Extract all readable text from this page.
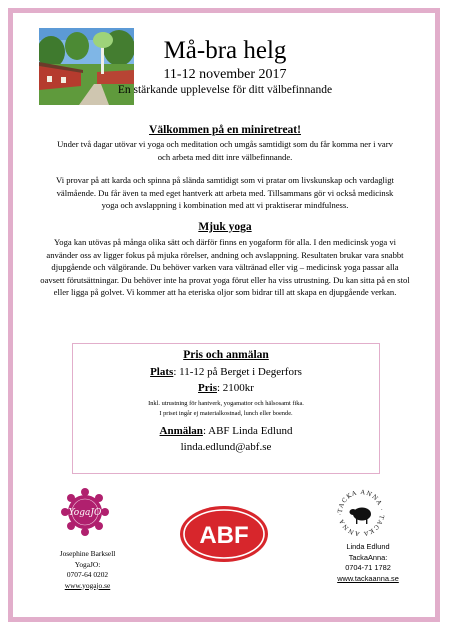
Må-bra helg
11-12 november 2017
En stärkande upplevelse för ditt välbefinnande
Välkommen på en miniretreat!
Under två dagar utövar vi yoga och meditation och umgås samtidigt som du får komma ner i varv och arbeta med ditt inre välbefinnande.
Vi provar på att karda och spinna på slända samtidigt som vi pratar om livskunskap och vardagligt välmående. Du får även ta med eget hantverk att arbeta med. Tillsammans gör vi också medicinsk yoga och avslappning i kombination med att vi praktiserar mindfulness.
Mjuk yoga
Yoga kan utövas på många olika sätt och därför finns en yogaform för alla. I den medicinsk yoga vi använder oss av ligger fokus på mjuka rörelser, andning och avslappning. Resultaten brukar vara snabbt djupgående och välgörande. Du behöver varken vara vältränad eller vig – medicinsk yoga passar alla oavsett förutsättningar. Du behöver inte ha provat yoga förut eller ha viss utrustning. Du kan sitta på en stol eller ligga på golvet. Vi kommer att ha eteriska oljor som bidrar till att skapa en djupgående verkan.
Pris och anmälan
Plats: 11-12 på Berget i Degerfors
Pris: 2100kr
Inkl. utrustning för hantverk, yogamattor och hälsosamt fika.
I priset ingår ej materialkostnad, lunch eller boende.
Anmälan: ABF Linda Edlund
linda.edlund@abf.se
YogaJO
ABF
TACKA ANNA · TACKA ANNA ·
Josephine Barksell
YogaJO:
0707-64 0202
www.yogajo.se
Linda Edlund
TackaAnna:
0704-71 1782
www.tackaanna.se
